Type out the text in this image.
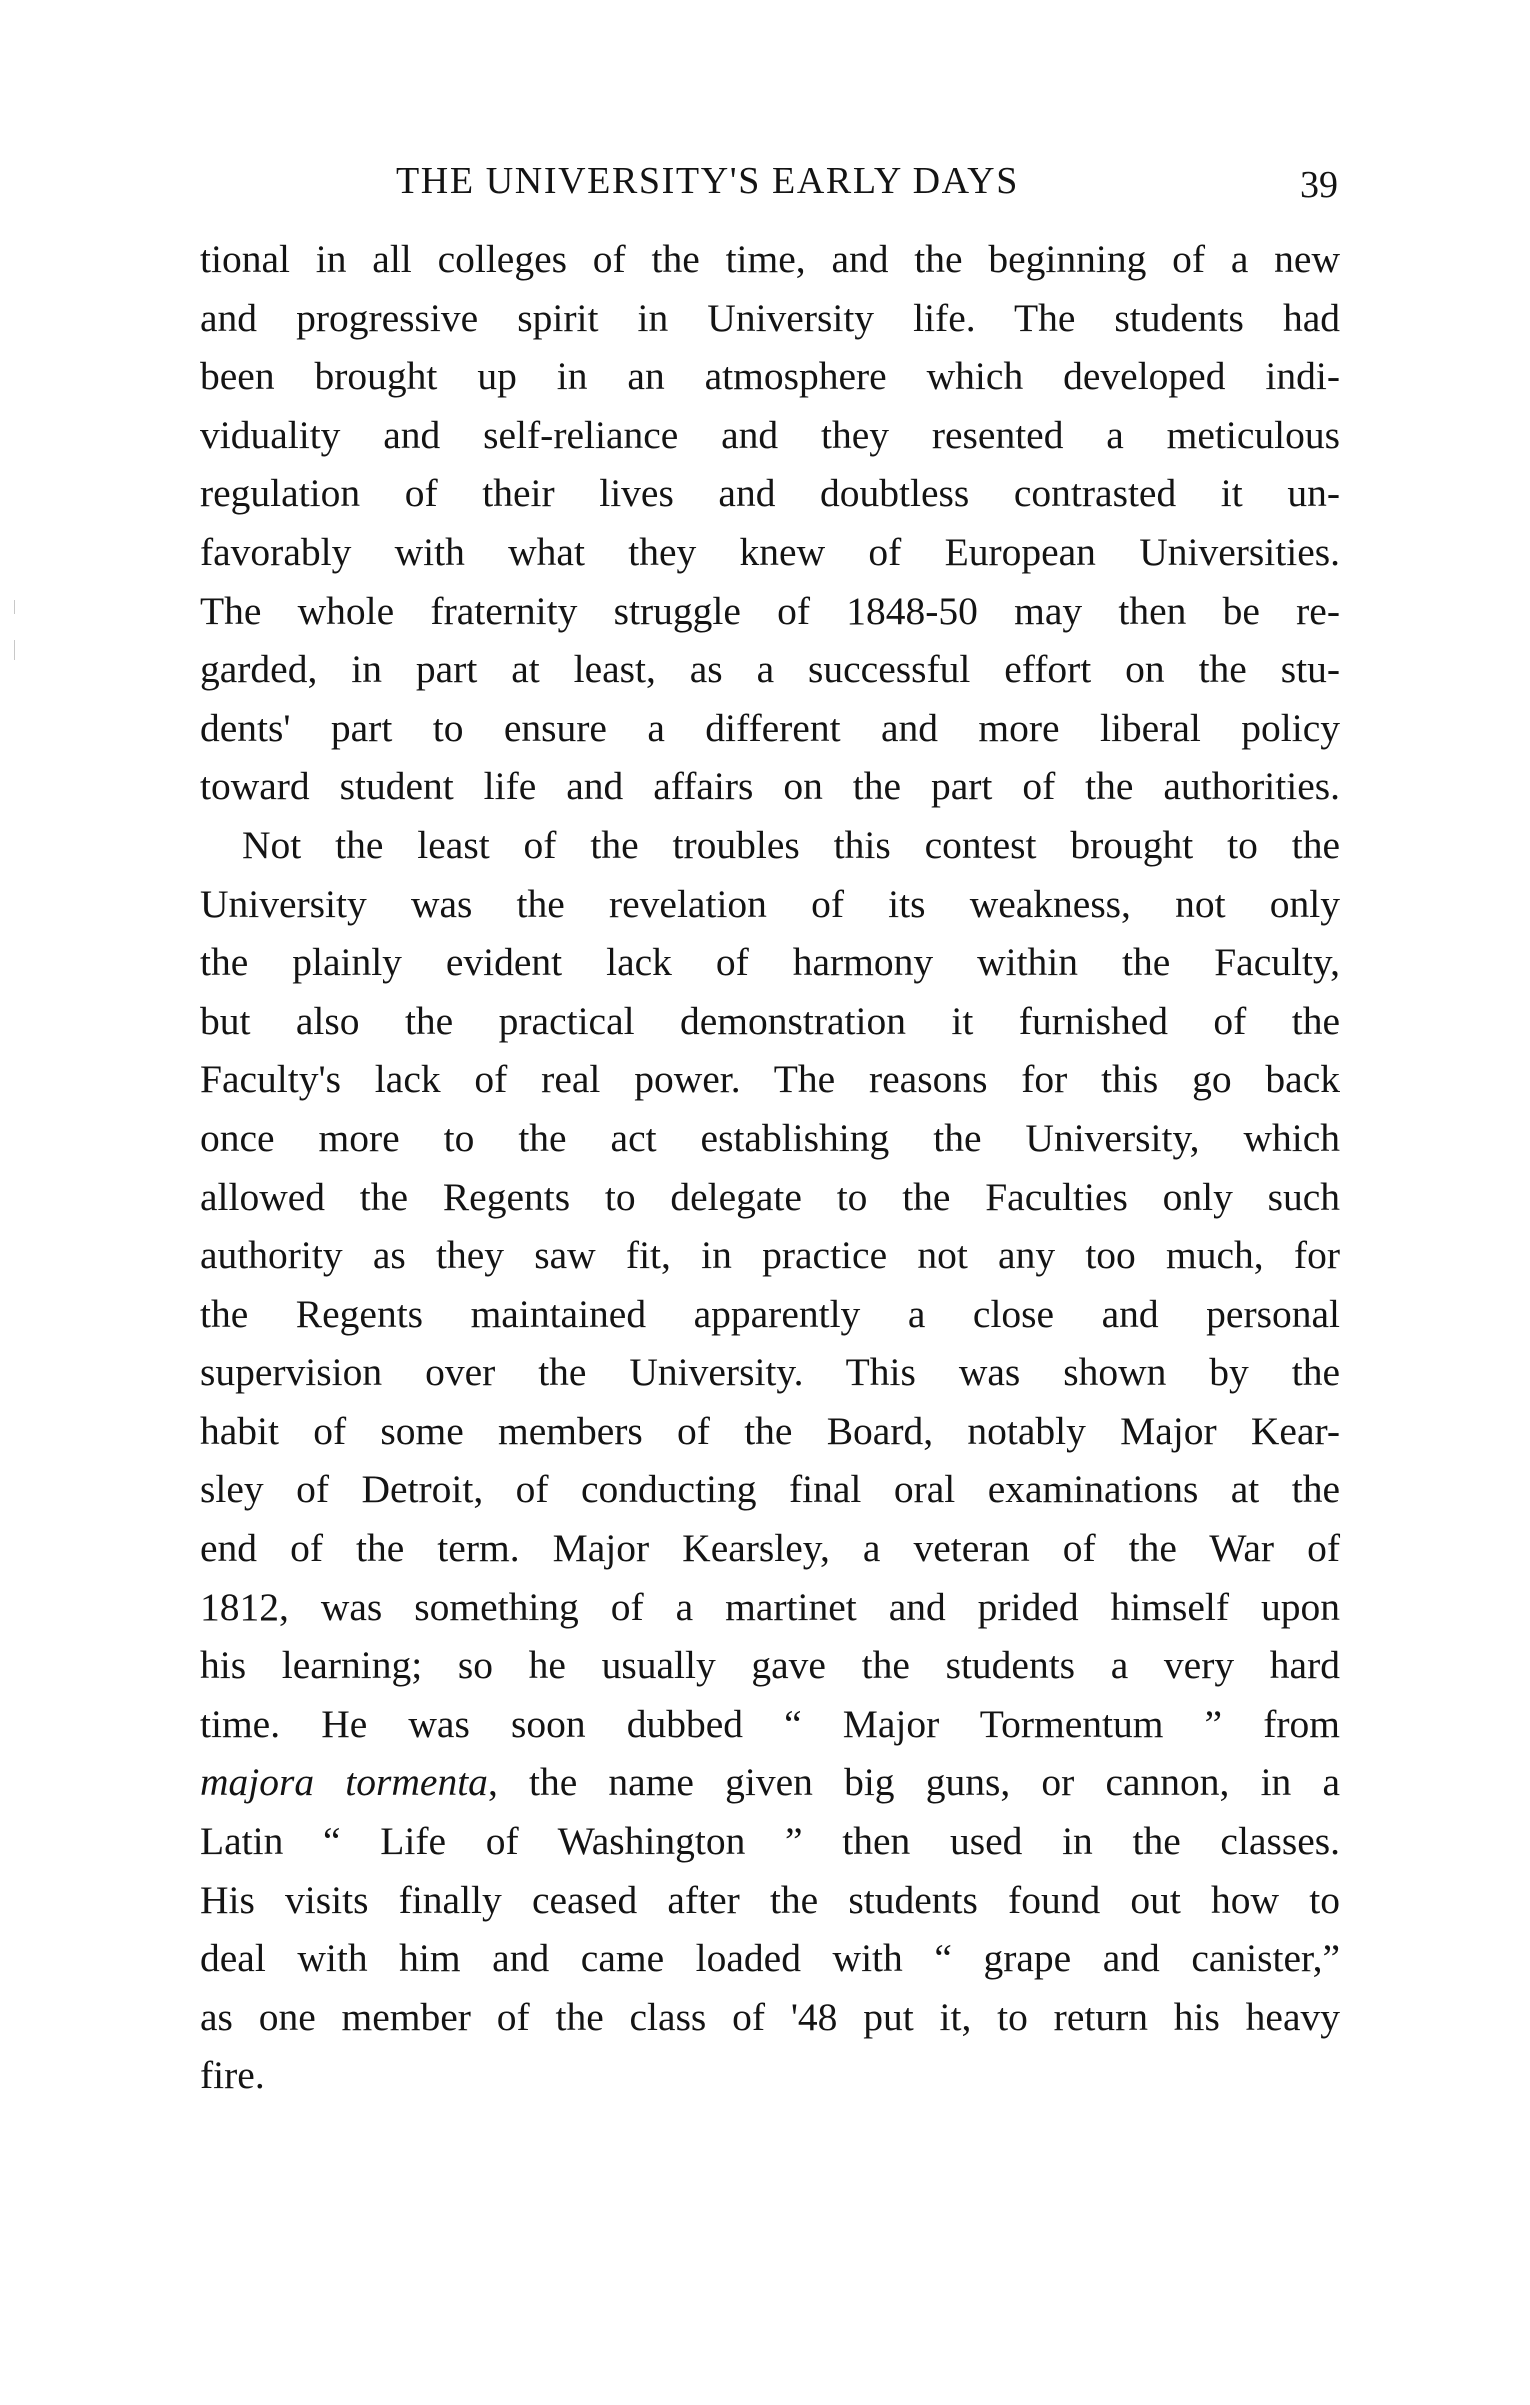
THE UNIVERSITY'S EARLY DAYS	39
tional in all colleges of the time, and the beginning of a new
and progressive spirit in University life. The students had
been brought up in an atmosphere which developed indi-
viduality and self-reliance and they resented a meticulous
regulation of their lives and doubtless contrasted it un-
favorably with what they knew of European Universities.
The whole fraternity struggle of 1848-50 may then be re-
garded, in part at least, as a successful effort on the stu-
dents' part to ensure a different and more liberal policy
toward student life and affairs on the part of the authorities.
Not the least of the troubles this contest brought to the
University was the revelation of its weakness, not only
the plainly evident lack of harmony within the Faculty,
but also the practical demonstration it furnished of the
Faculty's lack of real power. The reasons for this go back
once more to the act establishing the University, which
allowed the Regents to delegate to the Faculties only such
authority as they saw fit, in practice not any too much, for
the Regents maintained apparently a close and personal
supervision over the University. This was shown by the
habit of some members of the Board, notably Major Kear-
sley of Detroit, of conducting final oral examinations at the
end of the term. Major Kearsley, a veteran of the War of
1812, was something of a martinet and prided himself upon
his learning; so he usually gave the students a very hard
time. He was soon dubbed “ Major Tormentum ” from
majora tormenta, the name given big guns, or cannon, in a
Latin “ Life of Washington ” then used in the classes.
His visits finally ceased after the students found out how to
deal with him and came loaded with “ grape and canister,”
as one member of the class of '48 put it, to return his heavy
fire.
